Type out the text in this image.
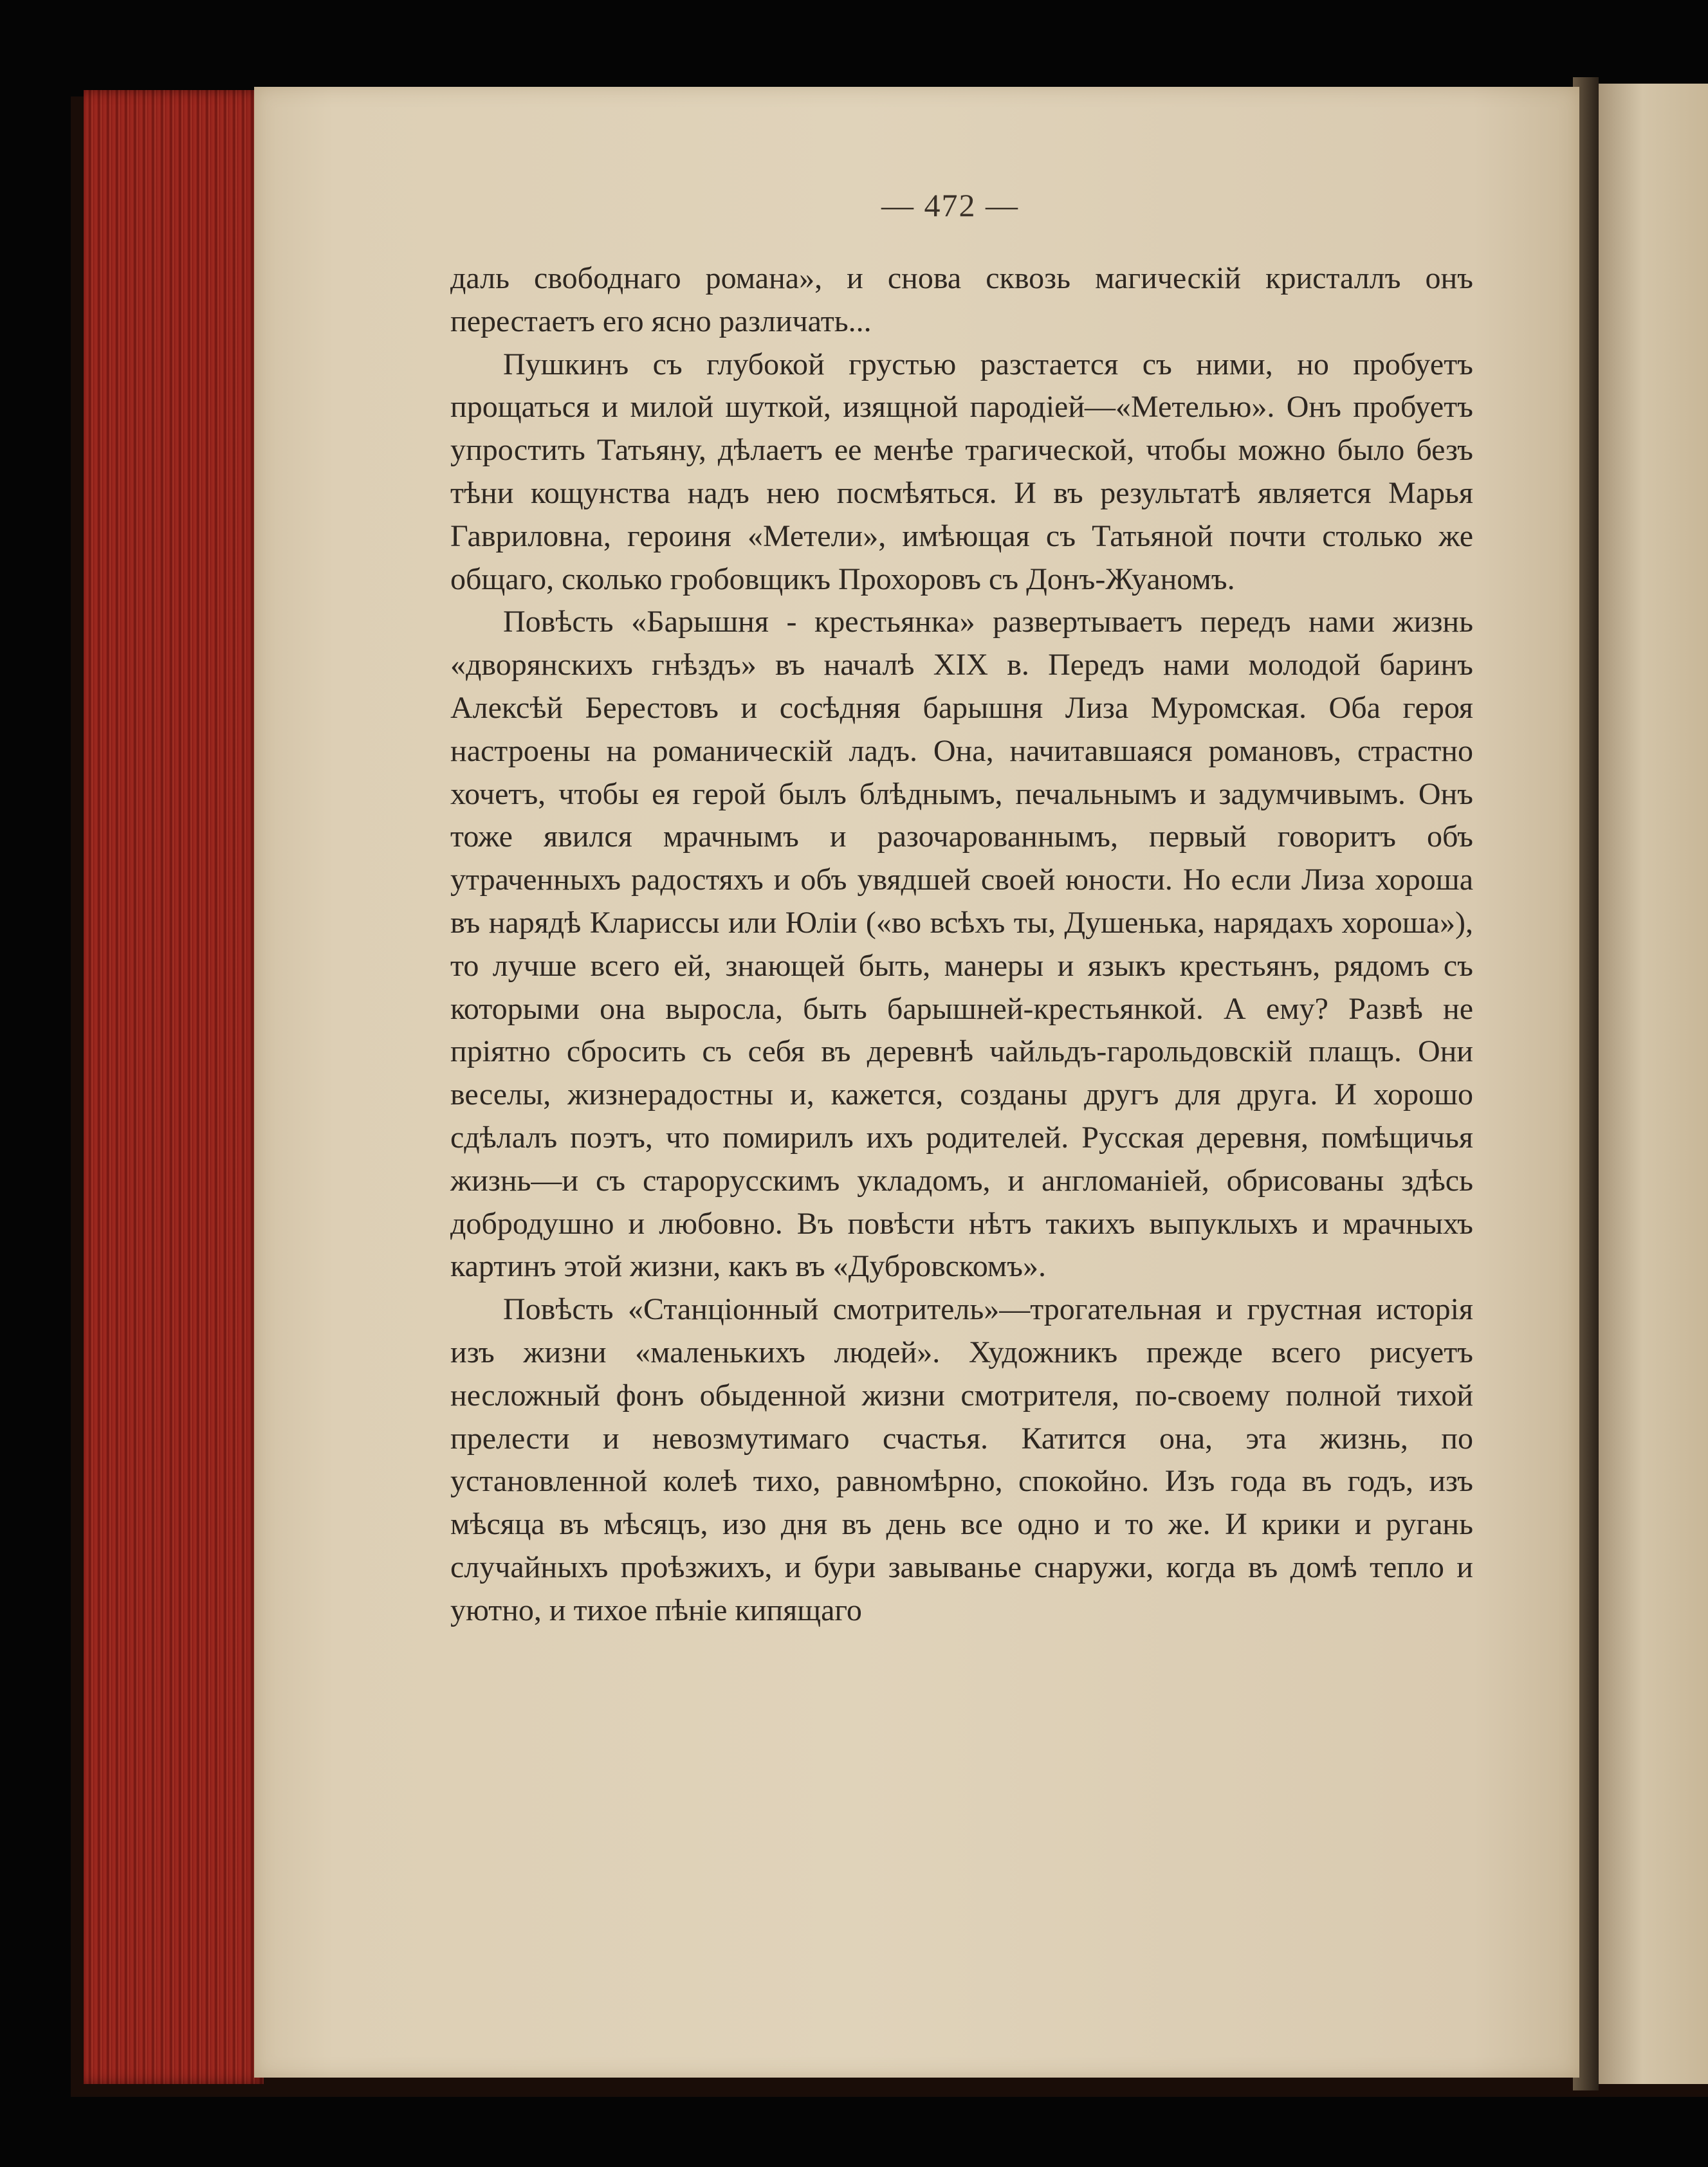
— 472 —

даль свободнаго романа», и снова сквозь магическій кристаллъ онъ перестаетъ его ясно различать...

Пушкинъ съ глубокой грустью разстается съ ними, но пробуетъ прощаться и милой шуткой, изящной пародіей—«Метелью». Онъ пробуетъ упростить Татьяну, дѣлаетъ ее менѣе трагической, чтобы можно было безъ тѣни кощунства надъ нею посмѣяться. И въ результатѣ является Марья Гавриловна, героиня «Метели», имѣющая съ Татьяной почти столько же общаго, сколько гробовщикъ Прохоровъ съ Донъ-Жуаномъ.

Повѣсть «Барышня - крестьянка» развертываетъ передъ нами жизнь «дворянскихъ гнѣздъ» въ началѣ XIX в. Передъ нами молодой баринъ Алексѣй Берестовъ и сосѣдняя барышня Лиза Муромская. Оба героя настроены на романическій ладъ. Она, начитавшаяся романовъ, страстно хочетъ, чтобы ея герой былъ блѣднымъ, печальнымъ и задумчивымъ. Онъ тоже явился мрачнымъ и разочарованнымъ, первый говоритъ объ утраченныхъ радостяхъ и объ увядшей своей юности. Но если Лиза хороша въ нарядѣ Клариссы или Юліи («во всѣхъ ты, Душенька, нарядахъ хороша»), то лучше всего ей, знающей быть, манеры и языкъ крестьянъ, рядомъ съ которыми она выросла, быть барышней-крестьянкой. А ему? Развѣ не пріятно сбросить съ себя въ деревнѣ чайльдъ-гарольдовскій плащъ. Они веселы, жизнерадостны и, кажется, созданы другъ для друга. И хорошо сдѣлалъ поэтъ, что помирилъ ихъ родителей. Русская деревня, помѣщичья жизнь—и съ старорусскимъ укладомъ, и англоманіей, обрисованы здѣсь добродушно и любовно. Въ повѣсти нѣтъ такихъ выпуклыхъ и мрачныхъ картинъ этой жизни, какъ въ «Дубровскомъ».

Повѣсть «Станціонный смотритель»—трогательная и грустная исторія изъ жизни «маленькихъ людей». Художникъ прежде всего рисуетъ несложный фонъ обыденной жизни смотрителя, по-своему полной тихой прелести и невозмутимаго счастья. Катится она, эта жизнь, по установленной колеѣ тихо, равномѣрно, спокойно. Изъ года въ годъ, изъ мѣсяца въ мѣсяцъ, изо дня въ день все одно и то же. И крики и ругань случайныхъ проѣзжихъ, и бури завыванье снаружи, когда въ домѣ тепло и уютно, и тихое пѣніе кипящаго
